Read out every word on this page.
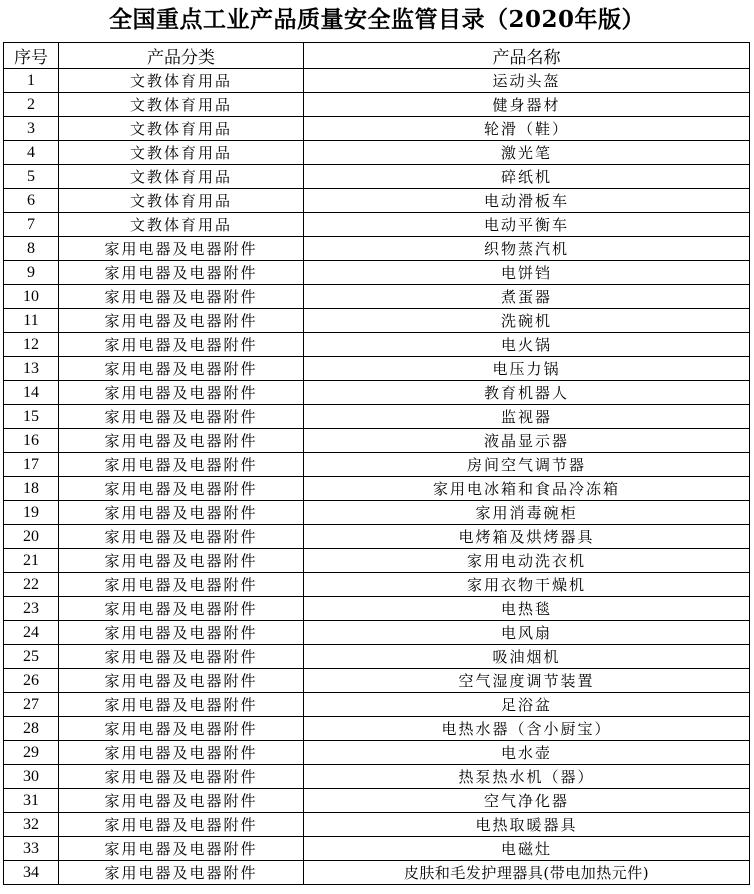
全国重点工业产品质量安全监管目录（2020年版）
序号	产品分类	产品名称
1	文教体育用品	运动头盔
2	文教体育用品	健身器材
3	文教体育用品	轮滑（鞋）
4	文教体育用品	激光笔
5	文教体育用品	碎纸机
6	文教体育用品	电动滑板车
7	文教体育用品	电动平衡车
8	家用电器及电器附件	织物蒸汽机
9	家用电器及电器附件	电饼铛
10	家用电器及电器附件	煮蛋器
11	家用电器及电器附件	洗碗机
12	家用电器及电器附件	电火锅
13	家用电器及电器附件	电压力锅
14	家用电器及电器附件	教育机器人
15	家用电器及电器附件	监视器
16	家用电器及电器附件	液晶显示器
17	家用电器及电器附件	房间空气调节器
18	家用电器及电器附件	家用电冰箱和食品冷冻箱
19	家用电器及电器附件	家用消毒碗柜
20	家用电器及电器附件	电烤箱及烘烤器具
21	家用电器及电器附件	家用电动洗衣机
22	家用电器及电器附件	家用衣物干燥机
23	家用电器及电器附件	电热毯
24	家用电器及电器附件	电风扇
25	家用电器及电器附件	吸油烟机
26	家用电器及电器附件	空气湿度调节装置
27	家用电器及电器附件	足浴盆
28	家用电器及电器附件	电热水器（含小厨宝）
29	家用电器及电器附件	电水壶
30	家用电器及电器附件	热泵热水机（器）
31	家用电器及电器附件	空气净化器
32	家用电器及电器附件	电热取暖器具
33	家用电器及电器附件	电磁灶
34	家用电器及电器附件	皮肤和毛发护理器具(带电加热元件)
